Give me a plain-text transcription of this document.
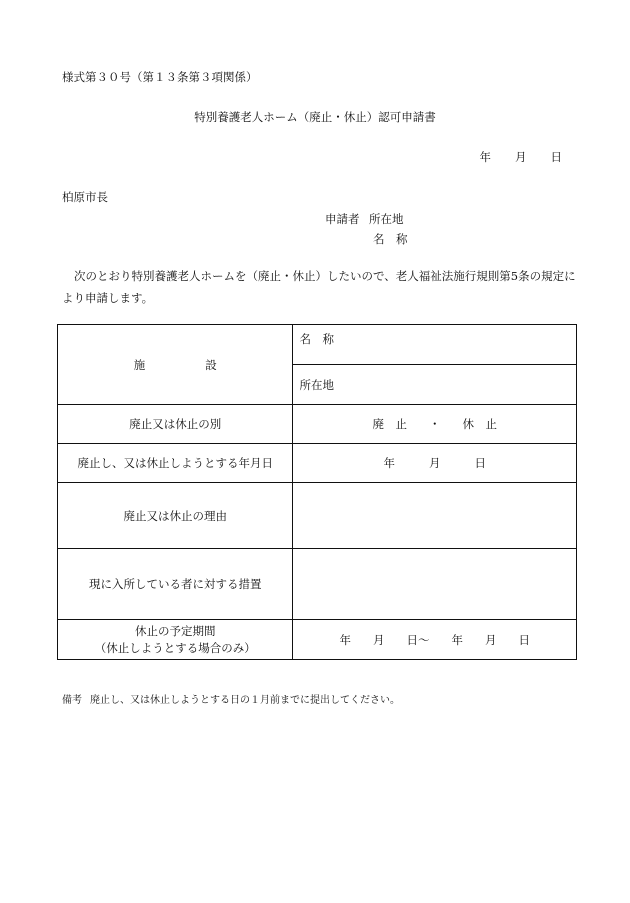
様式第３０号（第１３条第３項関係）
特別養護老人ホーム（廃止・休止）認可申請書
年 月 日
柏原市長
申請者 所在地
名　称
次のとおり特別養護老人ホームを（廃止・休止）したいので、老人福祉法施行規則第5条の規定により申請します。
施 設	名　称
	所在地
廃止又は休止の別	廃　止 ・ 休　止
廃止し、又は休止しようとする年月日	年 月 日
廃止又は休止の理由	
現に入所している者に対する措置	

休止の予定期間
（休止しようとする場合のみ）	年 月 日～ 年 月 日
備考 廃止し、又は休止しようとする日の１月前までに提出してください。
